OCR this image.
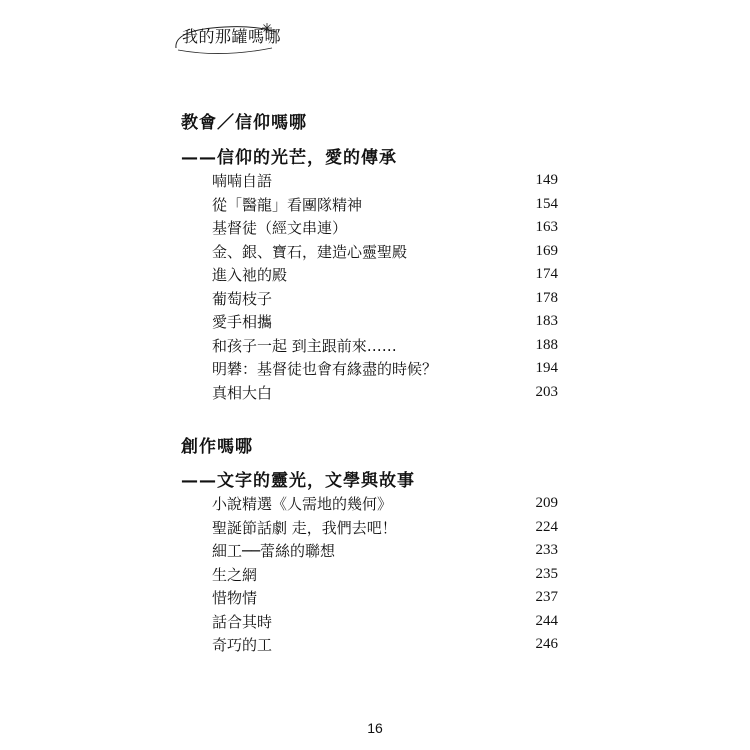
我的那罐嗎哪
教會／信仰嗎哪
——信仰的光芒，愛的傳承
喃喃自語	149
從「醫龍」看團隊精神	154
基督徒（經文串連）	163
金、銀、寶石，建造心靈聖殿	169
進入祂的殿	174
葡萄枝子	178
愛手相攜	183
和孩子一起 到主跟前來……	188
明礬：基督徒也會有緣盡的時候？	194
真相大白	203
創作嗎哪
——文字的靈光，文學與故事
小說精選《人需地的幾何》	209
聖誕節話劇 走，我們去吧！	224
細工──蕾絲的聯想	233
生之網	235
惜物情	237
話合其時	244
奇巧的工	246
16
